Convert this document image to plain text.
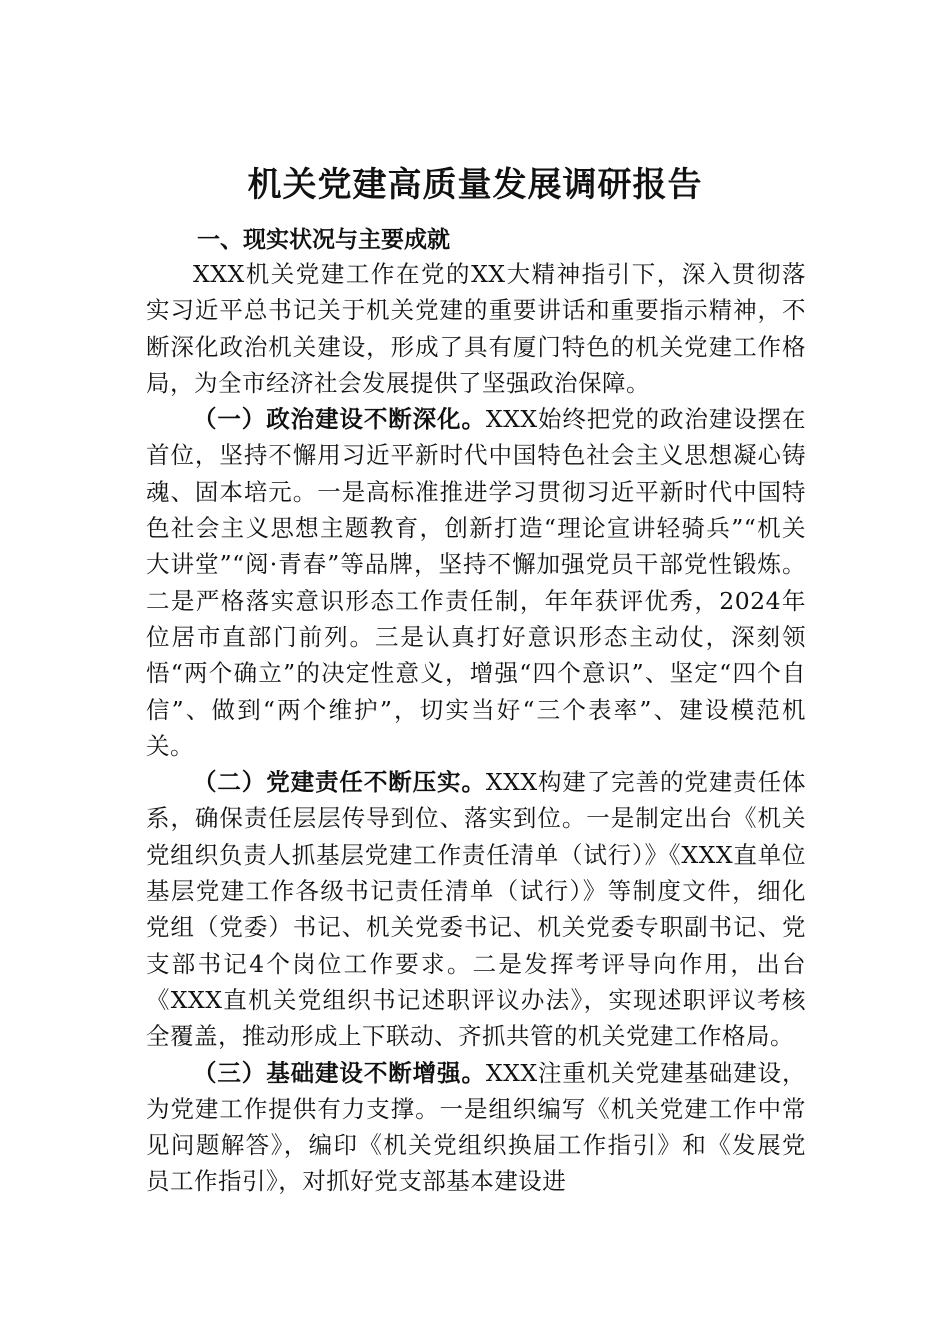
机关党建高质量发展调研报告
一、现实状况与主要成就

XXX机关党建工作在党的XX大精神指引下，深入贯彻落实习近平总书记关于机关党建的重要讲话和重要指示精神，不断深化政治机关建设，形成了具有厦门特色的机关党建工作格局，为全市经济社会发展提供了坚强政治保障。

（一）政治建设不断深化。XXX始终把党的政治建设摆在首位，坚持不懈用习近平新时代中国特色社会主义思想凝心铸魂、固本培元。一是高标准推进学习贯彻习近平新时代中国特色社会主义思想主题教育，创新打造“理论宣讲轻骑兵”“机关大讲堂”“阅·青春”等品牌，坚持不懈加强党员干部党性锻炼。二是严格落实意识形态工作责任制，年年获评优秀，2024年位居市直部门前列。三是认真打好意识形态主动仗，深刻领悟“两个确立”的决定性意义，增强“四个意识”、坚定“四个自信”、做到“两个维护”，切实当好“三个表率”、建设模范机关。

（二）党建责任不断压实。XXX构建了完善的党建责任体系，确保责任层层传导到位、落实到位。一是制定出台《机关党组织负责人抓基层党建工作责任清单（试行）》《XXX直单位基层党建工作各级书记责任清单（试行）》等制度文件，细化党组（党委）书记、机关党委书记、机关党委专职副书记、党支部书记4个岗位工作要求。二是发挥考评导向作用，出台《XXX直机关党组织书记述职评议办法》，实现述职评议考核全覆盖，推动形成上下联动、齐抓共管的机关党建工作格局。

（三）基础建设不断增强。XXX注重机关党建基础建设，为党建工作提供有力支撑。一是组织编写《机关党建工作中常见问题解答》，编印《机关党组织换届工作指引》和《发展党员工作指引》，对抓好党支部基本建设进
